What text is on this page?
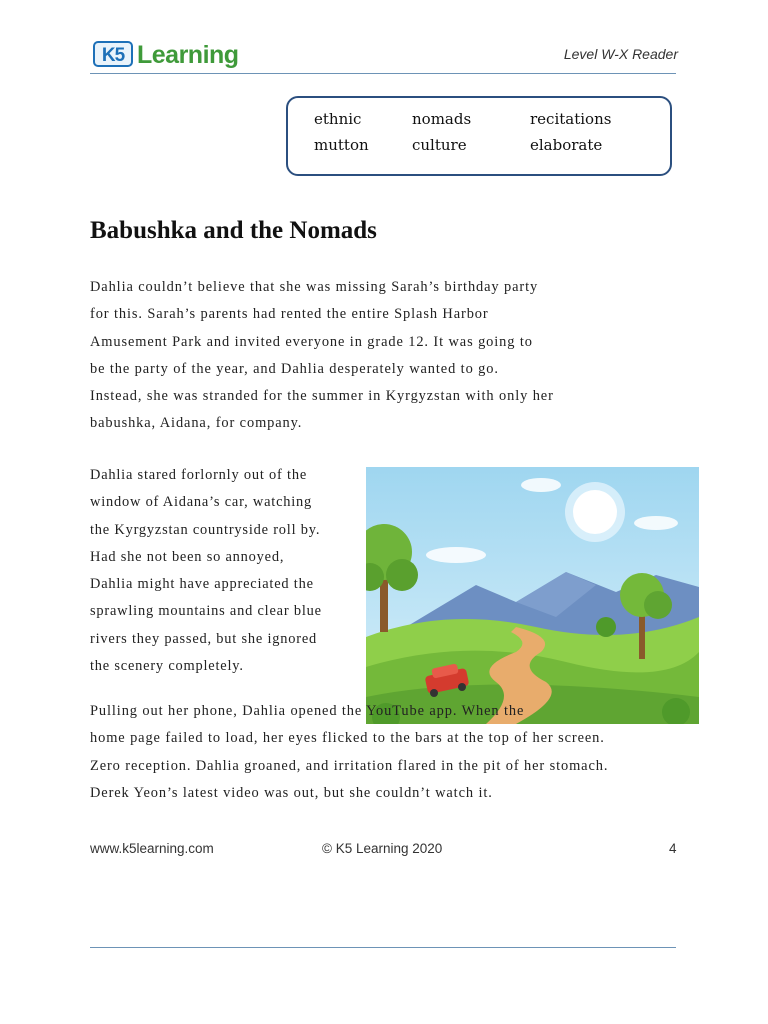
K5 Learning	Level W-X Reader
ethnic	nomads	recitations
mutton	culture	elaborate
Babushka and the Nomads
Dahlia couldn’t believe that she was missing Sarah’s birthday party
for this. Sarah’s parents had rented the entire Splash Harbor
Amusement Park and invited everyone in grade 12. It was going to
be the party of the year, and Dahlia desperately wanted to go.
Instead, she was stranded for the summer in Kyrgyzstan with only her
babushka, Aidana, for company.
Dahlia stared forlornly out of the
window of Aidana’s car, watching
the Kyrgyzstan countryside roll by.
Had she not been so annoyed,
Dahlia might have appreciated the
sprawling mountains and clear blue
rivers they passed, but she ignored
the scenery completely.
Pulling out her phone, Dahlia opened the YouTube app. When the
home page failed to load, her eyes flicked to the bars at the top of her screen.
Zero reception. Dahlia groaned, and irritation flared in the pit of her stomach.
Derek Yeon’s latest video was out, but she couldn’t watch it.
www.k5learning.com	© K5 Learning 2020	4
